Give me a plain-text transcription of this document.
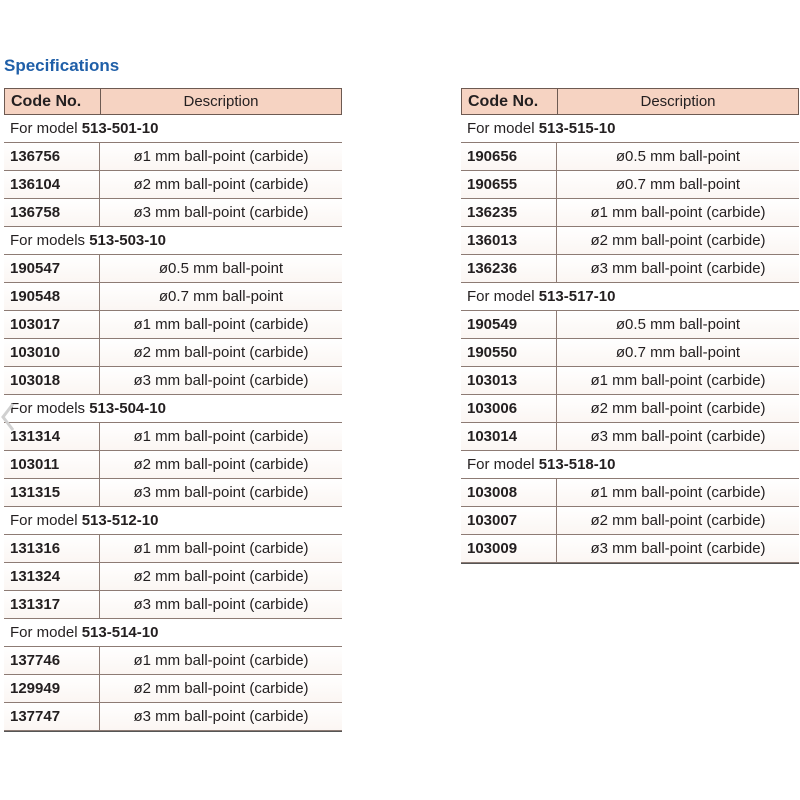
Specifications
Code No.	Description
For model 513-501-10
136756	ø1 mm ball-point (carbide)
136104	ø2 mm ball-point (carbide)
136758	ø3 mm ball-point (carbide)
For models 513-503-10
190547	ø0.5 mm ball-point
190548	ø0.7 mm ball-point
103017	ø1 mm ball-point (carbide)
103010	ø2 mm ball-point (carbide)
103018	ø3 mm ball-point (carbide)
For models 513-504-10
131314	ø1 mm ball-point (carbide)
103011	ø2 mm ball-point (carbide)
131315	ø3 mm ball-point (carbide)
For model 513-512-10
131316	ø1 mm ball-point (carbide)
131324	ø2 mm ball-point (carbide)
131317	ø3 mm ball-point (carbide)
For model 513-514-10
137746	ø1 mm ball-point (carbide)
129949	ø2 mm ball-point (carbide)
137747	ø3 mm ball-point (carbide)
Code No.	Description
For model 513-515-10
190656	ø0.5 mm ball-point
190655	ø0.7 mm ball-point
136235	ø1 mm ball-point (carbide)
136013	ø2 mm ball-point (carbide)
136236	ø3 mm ball-point (carbide)
For model 513-517-10
190549	ø0.5 mm ball-point
190550	ø0.7 mm ball-point
103013	ø1 mm ball-point (carbide)
103006	ø2 mm ball-point (carbide)
103014	ø3 mm ball-point (carbide)
For model 513-518-10
103008	ø1 mm ball-point (carbide)
103007	ø2 mm ball-point (carbide)
103009	ø3 mm ball-point (carbide)
